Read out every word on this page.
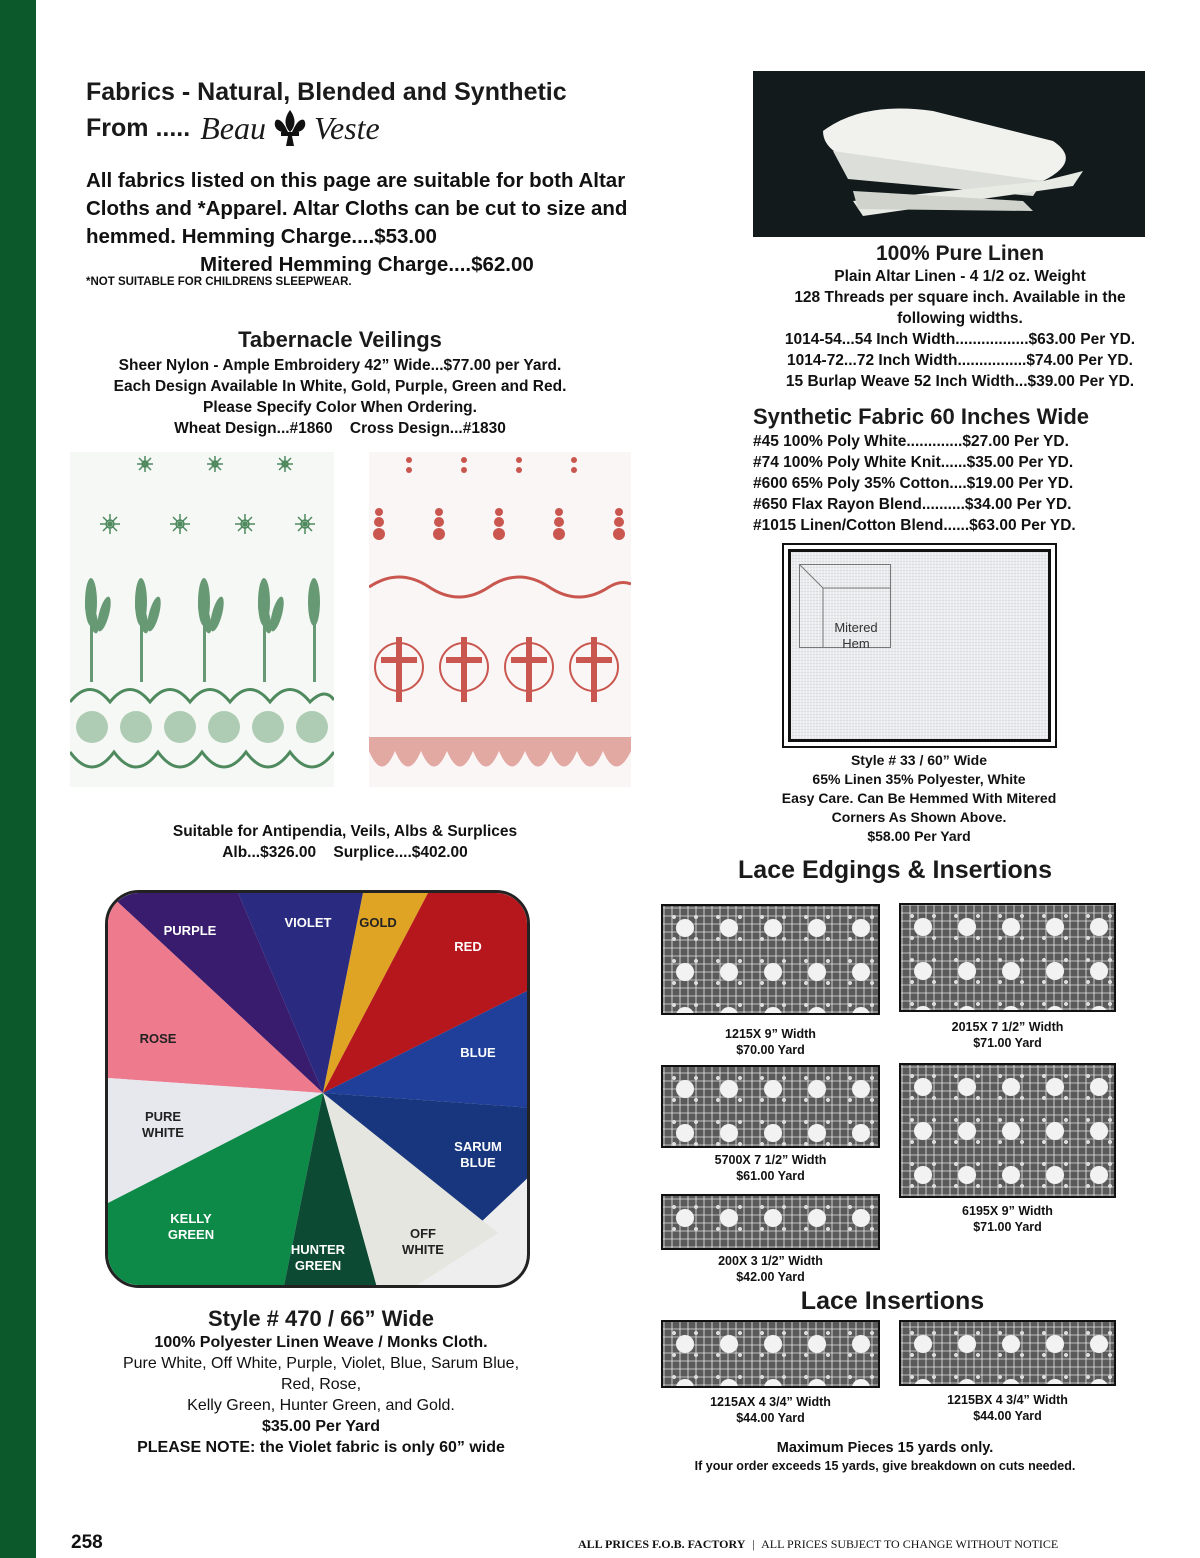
Fabrics - Natural, Blended and Synthetic
From ..... Beau Veste
All fabrics listed on this page are suitable for both Altar
Cloths and *Apparel. Altar Cloths can be cut to size and
hemmed. Hemming Charge....$53.00
Mitered Hemming Charge....$62.00
*NOT SUITABLE FOR CHILDRENS SLEEPWEAR.
Tabernacle Veilings
Sheer Nylon - Ample Embroidery 42” Wide...$77.00 per Yard.
Each Design Available In White, Gold, Purple, Green and Red.
Please Specify Color When Ordering.
Wheat Design...#1860    Cross Design...#1830
Suitable for Antipendia, Veils, Albs & Surplices
Alb...$326.00    Surplice....$402.00
PURPLE
VIOLET	GOLD
RED
ROSE
BLUE
PURE WHITE
SARUM BLUE
KELLY GREEN
HUNTER GREEN
OFF WHITE
Style # 470 / 66” Wide
100% Polyester Linen Weave / Monks Cloth.
Pure White, Off White, Purple, Violet, Blue, Sarum Blue,
Red, Rose,
Kelly Green, Hunter Green, and Gold.
$35.00 Per Yard
PLEASE NOTE: the Violet fabric is only 60” wide
100% Pure Linen
Plain Altar Linen - 4 1/2 oz. Weight
128 Threads per square inch. Available in the
following widths.
1014-54...54 Inch Width.................$63.00 Per YD.
1014-72...72 Inch Width................$74.00 Per YD.
15 Burlap Weave 52 Inch Width...$39.00 Per YD.
Synthetic Fabric 60 Inches Wide
#45 100% Poly White.............$27.00 Per YD.
#74 100% Poly White Knit......$35.00 Per YD.
#600 65% Poly 35% Cotton....$19.00 Per YD.
#650 Flax Rayon Blend..........$34.00 Per YD.
#1015 Linen/Cotton Blend......$63.00 Per YD.
Mitered
Hem
Style # 33 / 60” Wide
65% Linen 35% Polyester, White
Easy Care. Can Be Hemmed With Mitered
Corners As Shown Above.
$58.00 Per Yard
Lace Edgings & Insertions
1215X 9” Width
$70.00 Yard
2015X 7 1/2” Width
$71.00 Yard
5700X 7 1/2” Width
$61.00 Yard
6195X 9” Width
$71.00 Yard
200X 3 1/2” Width
$42.00 Yard
Lace Insertions
1215AX 4 3/4” Width
$44.00 Yard
1215BX 4 3/4” Width
$44.00 Yard
Maximum Pieces 15 yards only.
If your order exceeds 15 yards, give breakdown on cuts needed.
258	ALL PRICES F.O.B. FACTORY | ALL PRICES SUBJECT TO CHANGE WITHOUT NOTICE
